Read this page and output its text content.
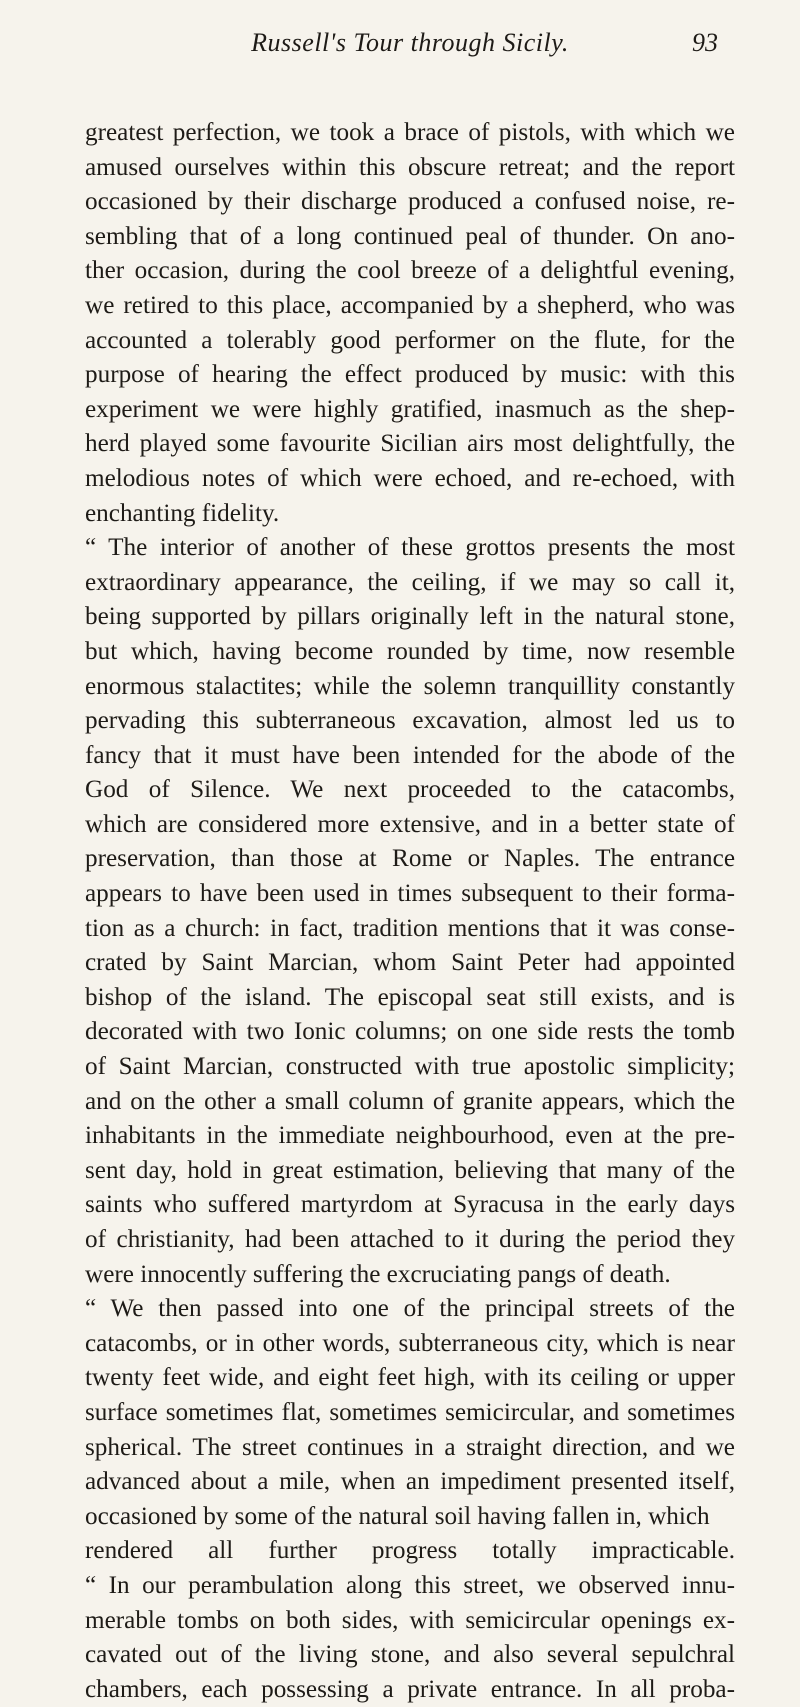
Russell's Tour through Sicily.	93
greatest perfection, we took a brace of pistols, with which we
amused ourselves within this obscure retreat; and the report
occasioned by their discharge produced a confused noise, re-
sembling that of a long continued peal of thunder. On ano-
ther occasion, during the cool breeze of a delightful evening,
we retired to this place, accompanied by a shepherd, who was
accounted a tolerably good performer on the flute, for the
purpose of hearing the effect produced by music: with this
experiment we were highly gratified, inasmuch as the shep-
herd played some favourite Sicilian airs most delightfully, the
melodious notes of which were echoed, and re-echoed, with
enchanting fidelity.
“ The interior of another of these grottos presents the most
extraordinary appearance, the ceiling, if we may so call it,
being supported by pillars originally left in the natural stone,
but which, having become rounded by time, now resemble
enormous stalactites; while the solemn tranquillity constantly
pervading this subterraneous excavation, almost led us to
fancy that it must have been intended for the abode of the
God of Silence. We next proceeded to the catacombs,
which are considered more extensive, and in a better state of
preservation, than those at Rome or Naples. The entrance
appears to have been used in times subsequent to their forma-
tion as a church: in fact, tradition mentions that it was conse-
crated by Saint Marcian, whom Saint Peter had appointed
bishop of the island. The episcopal seat still exists, and is
decorated with two Ionic columns; on one side rests the tomb
of Saint Marcian, constructed with true apostolic simplicity;
and on the other a small column of granite appears, which the
inhabitants in the immediate neighbourhood, even at the pre-
sent day, hold in great estimation, believing that many of the
saints who suffered martyrdom at Syracusa in the early days
of christianity, had been attached to it during the period they
were innocently suffering the excruciating pangs of death.
“ We then passed into one of the principal streets of the
catacombs, or in other words, subterraneous city, which is near
twenty feet wide, and eight feet high, with its ceiling or upper
surface sometimes flat, sometimes semicircular, and sometimes
spherical. The street continues in a straight direction, and we
advanced about a mile, when an impediment presented itself,
occasioned by some of the natural soil having fallen in, which
rendered all further progress totally impracticable.
“ In our perambulation along this street, we observed innu-
merable tombs on both sides, with semicircular openings ex-
cavated out of the living stone, and also several sepulchral
chambers, each possessing a private entrance. In all proba-
